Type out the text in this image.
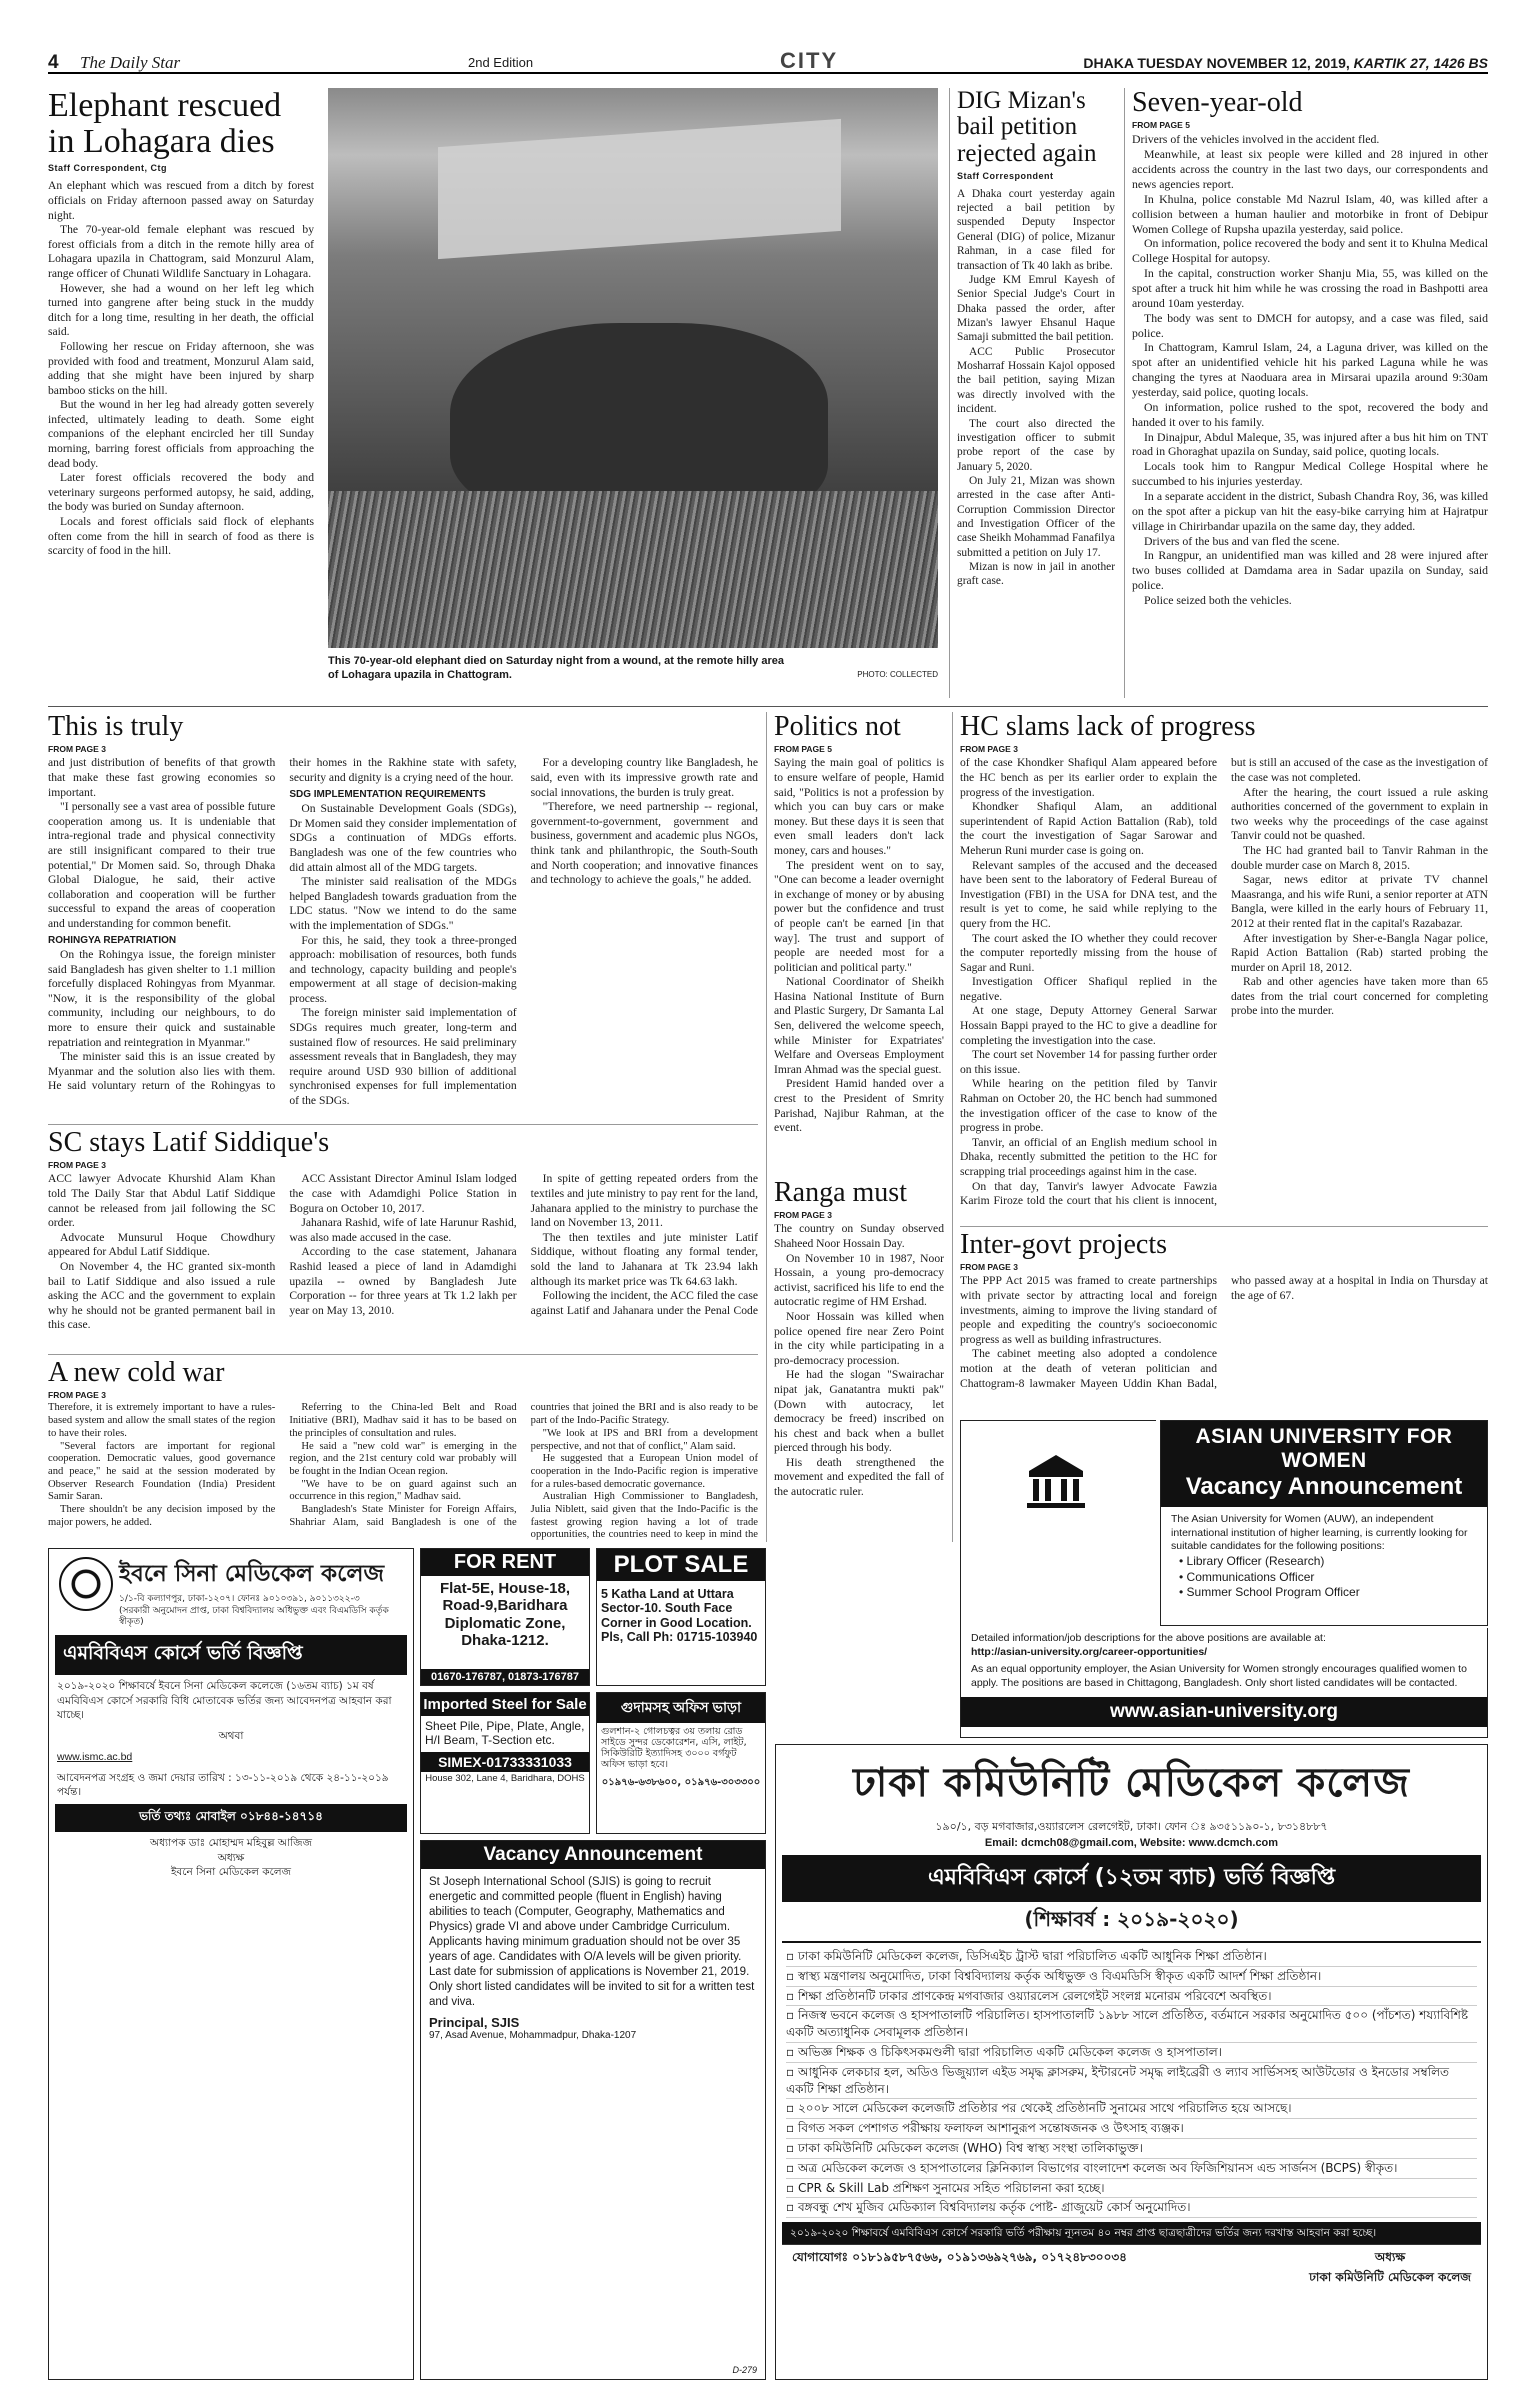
4 The Daily Star	2nd Edition	CITY	DHAKA TUESDAY NOVEMBER 12, 2019, KARTIK 27, 1426 BS
Elephant rescued in Lohagara dies
Staff Correspondent, Ctg

An elephant which was rescued from a ditch by forest officials on Friday afternoon passed away on Saturday night.

The 70-year-old female elephant was rescued by forest officials from a ditch in the remote hilly area of Lohagara upazila in Chattogram, said Monzurul Alam, range officer of Chunati Wildlife Sanctuary in Lohagara.

However, she had a wound on her left leg which turned into gangrene after being stuck in the muddy ditch for a long time, resulting in her death, the official said.

Following her rescue on Friday afternoon, she was provided with food and treatment, Monzurul Alam said, adding that she might have been injured by sharp bamboo sticks on the hill.

But the wound in her leg had already gotten severely infected, ultimately leading to death. Some eight companions of the elephant encircled her till Sunday morning, barring forest officials from approaching the dead body.

Later forest officials recovered the body and veterinary surgeons performed autopsy, he said, adding, the body was buried on Sunday afternoon.

Locals and forest officials said flock of elephants often come from the hill in search of food as there is scarcity of food in the hill.

This 70-year-old elephant died on Saturday night from a wound, at the remote hilly area of Lohagara upazila in Chattogram.	PHOTO: COLLECTED
DIG Mizan's bail petition rejected again
Staff Correspondent

A Dhaka court yesterday again rejected a bail petition by suspended Deputy Inspector General (DIG) of police, Mizanur Rahman, in a case filed for transaction of Tk 40 lakh as bribe.

Judge KM Emrul Kayesh of Senior Special Judge's Court in Dhaka passed the order, after Mizan's lawyer Ehsanul Haque Samaji submitted the bail petition.

ACC Public Prosecutor Mosharraf Hossain Kajol opposed the bail petition, saying Mizan was directly involved with the incident.

The court also directed the investigation officer to submit probe report of the case by January 5, 2020.

On July 21, Mizan was shown arrested in the case after Anti-Corruption Commission Director and Investigation Officer of the case Sheikh Mohammad Fanafilya submitted a petition on July 17.

Mizan is now in jail in another graft case.

Seven-year-old
FROM PAGE 5

Drivers of the vehicles involved in the accident fled.

Meanwhile, at least six people were killed and 28 injured in other accidents across the country in the last two days, our correspondents and news agencies report.

In Khulna, police constable Md Nazrul Islam, 40, was killed after a collision between a human haulier and motorbike in front of Debipur Women College of Rupsha upazila yesterday, said police.

On information, police recovered the body and sent it to Khulna Medical College Hospital for autopsy.

In the capital, construction worker Shanju Mia, 55, was killed on the spot after a truck hit him while he was crossing the road in Bashpotti area around 10am yesterday.

The body was sent to DMCH for autopsy, and a case was filed, said police.

In Chattogram, Kamrul Islam, 24, a Laguna driver, was killed on the spot after an unidentified vehicle hit his parked Laguna while he was changing the tyres at Naoduara area in Mirsarai upazila around 9:30am yesterday, said police, quoting locals.

On information, police rushed to the spot, recovered the body and handed it over to his family.

In Dinajpur, Abdul Maleque, 35, was injured after a bus hit him on TNT road in Ghoraghat upazila on Sunday, said police, quoting locals.

Locals took him to Rangpur Medical College Hospital where he succumbed to his injuries yesterday.

In a separate accident in the district, Subash Chandra Roy, 36, was killed on the spot after a pickup van hit the easy-bike carrying him at Hajratpur village in Chirirbandar upazila on the same day, they added.

Drivers of the bus and van fled the scene.

In Rangpur, an unidentified man was killed and 28 were injured after two buses collided at Damdama area in Sadar upazila on Sunday, said police.

Police seized both the vehicles.

This is truly
FROM PAGE 3

and just distribution of benefits of that growth that make these fast growing economies so important.

"I personally see a vast area of possible future cooperation among us. It is undeniable that intra-regional trade and physical connectivity are still insignificant compared to their true potential," Dr Momen said. So, through Dhaka Global Dialogue, he said, their active collaboration and cooperation will be further successful to expand the areas of cooperation and understanding for common benefit.

ROHINGYA REPATRIATION

On the Rohingya issue, the foreign minister said Bangladesh has given shelter to 1.1 million forcefully displaced Rohingyas from Myanmar. "Now, it is the responsibility of the global community, including our neighbours, to do more to ensure their quick and sustainable repatriation and reintegration in Myanmar."

The minister said this is an issue created by Myanmar and the solution also lies with them. He said voluntary return of the Rohingyas to their homes in the Rakhine state with safety, security and dignity is a crying need of the hour.

SDG IMPLEMENTATION REQUIREMENTS

On Sustainable Development Goals (SDGs), Dr Momen said they consider implementation of SDGs a continuation of MDGs efforts. Bangladesh was one of the few countries who did attain almost all of the MDG targets.

The minister said realisation of the MDGs helped Bangladesh towards graduation from the LDC status. "Now we intend to do the same with the implementation of SDGs."

For this, he said, they took a three-pronged approach: mobilisation of resources, both funds and technology, capacity building and people's empowerment at all stage of decision-making process.

The foreign minister said implementation of SDGs requires much greater, long-term and sustained flow of resources. He said preliminary assessment reveals that in Bangladesh, they may require around USD 930 billion of additional synchronised expenses for full implementation of the SDGs.

For a developing country like Bangladesh, he said, even with its impressive growth rate and social innovations, the burden is truly great.

"Therefore, we need partnership -- regional, government-to-government, government and business, government and academic plus NGOs, think tank and philanthropic, the South-South and North cooperation; and innovative finances and technology to achieve the goals," he added.

Politics not
FROM PAGE 5

Saying the main goal of politics is to ensure welfare of people, Hamid said, "Politics is not a profession by which you can buy cars or make money. But these days it is seen that even small leaders don't lack money, cars and houses."

The president went on to say, "One can become a leader overnight in exchange of money or by abusing power but the confidence and trust of people can't be earned [in that way]. The trust and support of people are needed most for a politician and political party."

National Coordinator of Sheikh Hasina National Institute of Burn and Plastic Surgery, Dr Samanta Lal Sen, delivered the welcome speech, while Minister for Expatriates' Welfare and Overseas Employment Imran Ahmad was the special guest.

President Hamid handed over a crest to the President of Smrity Parishad, Najibur Rahman, at the event.

Ranga must
FROM PAGE 3

The country on Sunday observed Shaheed Noor Hossain Day.

On November 10 in 1987, Noor Hossain, a young pro-democracy activist, sacrificed his life to end the autocratic regime of HM Ershad.

Noor Hossain was killed when police opened fire near Zero Point in the city while participating in a pro-democracy procession.

He had the slogan "Swairachar nipat jak, Ganatantra mukti pak" (Down with autocracy, let democracy be freed) inscribed on his chest and back when a bullet pierced through his body.

His death strengthened the movement and expedited the fall of the autocratic ruler.

HC slams lack of progress
FROM PAGE 3

of the case Khondker Shafiqul Alam appeared before the HC bench as per its earlier order to explain the progress of the investigation.

Khondker Shafiqul Alam, an additional superintendent of Rapid Action Battalion (Rab), told the court the investigation of Sagar Sarowar and Meherun Runi murder case is going on.

Relevant samples of the accused and the deceased have been sent to the laboratory of Federal Bureau of Investigation (FBI) in the USA for DNA test, and the result is yet to come, he said while replying to the query from the HC.

The court asked the IO whether they could recover the computer reportedly missing from the house of Sagar and Runi.

Investigation Officer Shafiqul replied in the negative.

At one stage, Deputy Attorney General Sarwar Hossain Bappi prayed to the HC to give a deadline for completing the investigation into the case.

The court set November 14 for passing further order on this issue.

While hearing on the petition filed by Tanvir Rahman on October 20, the HC bench had summoned the investigation officer of the case to know of the progress in probe.

Tanvir, an official of an English medium school in Dhaka, recently submitted the petition to the HC for scrapping trial proceedings against him in the case.

On that day, Tanvir's lawyer Advocate Fawzia Karim Firoze told the court that his client is innocent, but is still an accused of the case as the investigation of the case was not completed.

After the hearing, the court issued a rule asking authorities concerned of the government to explain in two weeks why the proceedings of the case against Tanvir could not be quashed.

The HC had granted bail to Tanvir Rahman in the double murder case on March 8, 2015.

Sagar, news editor at private TV channel Maasranga, and his wife Runi, a senior reporter at ATN Bangla, were killed in the early hours of February 11, 2012 at their rented flat in the capital's Razabazar.

After investigation by Sher-e-Bangla Nagar police, Rapid Action Battalion (Rab) started probing the murder on April 18, 2012.

Rab and other agencies have taken more than 65 dates from the trial court concerned for completing probe into the murder.

Inter-govt projects
FROM PAGE 3

The PPP Act 2015 was framed to create partnerships with private sector by attracting local and foreign investments, aiming to improve the living standard of people and expediting the country's socioeconomic progress as well as building infrastructures.

The cabinet meeting also adopted a condolence motion at the death of veteran politician and Chattogram-8 lawmaker Mayeen Uddin Khan Badal, who passed away at a hospital in India on Thursday at the age of 67.

SC stays Latif Siddique's
FROM PAGE 3

ACC lawyer Advocate Khurshid Alam Khan told The Daily Star that Abdul Latif Siddique cannot be released from jail following the SC order.

Advocate Munsurul Hoque Chowdhury appeared for Abdul Latif Siddique.

On November 4, the HC granted six-month bail to Latif Siddique and also issued a rule asking the ACC and the government to explain why he should not be granted permanent bail in this case.

ACC Assistant Director Aminul Islam lodged the case with Adamdighi Police Station in Bogura on October 10, 2017.

Jahanara Rashid, wife of late Harunur Rashid, was also made accused in the case.

According to the case statement, Jahanara Rashid leased a piece of land in Adamdighi upazila -- owned by Bangladesh Jute Corporation -- for three years at Tk 1.2 lakh per year on May 13, 2010.

In spite of getting repeated orders from the textiles and jute ministry to pay rent for the land, Jahanara applied to the ministry to purchase the land on November 13, 2011.

The then textiles and jute minister Latif Siddique, without floating any formal tender, sold the land to Jahanara at Tk 23.94 lakh although its market price was Tk 64.63 lakh.

Following the incident, the ACC filed the case against Latif and Jahanara under the Penal Code

A new cold war
FROM PAGE 3

Therefore, it is extremely important to have a rules-based system and allow the small states of the region to have their roles.

"Several factors are important for regional cooperation. Democratic values, good governance and peace," he said at the session moderated by Observer Research Foundation (India) President Samir Saran.

There shouldn't be any decision imposed by the major powers, he added.

Referring to the China-led Belt and Road Initiative (BRI), Madhav said it has to be based on the principles of consultation and rules.

He said a "new cold war" is emerging in the region, and the 21st century cold war probably will be fought in the Indian Ocean region.

"We have to be on guard against such an occurrence in this region," Madhav said.

Bangladesh's State Minister for Foreign Affairs, Shahriar Alam, said Bangladesh is one of the countries that joined the BRI and is also ready to be part of the Indo-Pacific Strategy.

"We look at IPS and BRI from a development perspective, and not that of conflict," Alam said.

He suggested that a European Union model of cooperation in the Indo-Pacific region is imperative for a rules-based democratic governance.

Australian High Commissioner to Bangladesh, Julia Niblett, said given that the Indo-Pacific is the fastest growing region having a lot of trade opportunities, the countries need to keep in mind the

ASIAN UNIVERSITY FOR WOMEN
Vacancy Announcement
The Asian University for Women (AUW), an independent international institution of higher learning, is currently looking for suitable candidates for the following positions:
• Library Officer (Research)
• Communications Officer
• Summer School Program Officer
Detailed information/job descriptions for the above positions are available at:
http://asian-university.org/career-opportunities/
As an equal opportunity employer, the Asian University for Women strongly encourages qualified women to apply. The positions are based in Chittagong, Bangladesh. Only short listed candidates will be contacted.
www.asian-university.org
ঢাকা কমিউনিটি মেডিকেল কলেজ
১৯০/১, বড় মগবাজার,ওয়্যারলেস রেলগেইট, ঢাকা। ফোন ঃ ৯৩৫১১৯০-১, ৮৩১৪৮৮৭
Email: dcmch08@gmail.com, Website: www.dcmch.com
এমবিবিএস কোর্সে (১২তম ব্যাচ) ভর্তি বিজ্ঞপ্তি
(শিক্ষাবর্ষ : ২০১৯-২০২০)
▫ ঢাকা কমিউনিটি মেডিকেল কলেজ, ডিসিএইচ ট্রাস্ট দ্বারা পরিচালিত একটি আধুনিক শিক্ষা প্রতিষ্ঠান।
▫ স্বাস্থ্য মন্ত্রণালয় অনুমোদিত, ঢাকা বিশ্ববিদ্যালয় কর্তৃক অধিভুক্ত ও বিএমডিসি স্বীকৃত একটি আদর্শ শিক্ষা প্রতিষ্ঠান।
▫ শিক্ষা প্রতিষ্ঠানটি ঢাকার প্রাণকেন্দ্র মগবাজার ওয়্যারলেস রেলগেইট সংলগ্ন মনোরম পরিবেশে অবস্থিত।
▫ নিজস্ব ভবনে কলেজ ও হাসপাতালটি পরিচালিত। হাসপাতালটি ১৯৮৮ সালে প্রতিষ্ঠিত, বর্তমানে সরকার অনুমোদিত ৫০০ (পাঁচশত) শয্যাবিশিষ্ট একটি অত্যাধুনিক সেবামূলক প্রতিষ্ঠান।
▫ অভিজ্ঞ শিক্ষক ও চিকিৎসকমণ্ডলী দ্বারা পরিচালিত একটি মেডিকেল কলেজ ও হাসপাতাল।
▫ আধুনিক লেকচার হল, অডিও ভিজুয়্যাল এইড সমৃদ্ধ ক্লাসরুম, ইন্টারনেট সমৃদ্ধ লাইব্রেরী ও ল্যাব সার্ভিসসহ আউটডোর ও ইনডোর সম্বলিত একটি শিক্ষা প্রতিষ্ঠান।
▫ ২০০৮ সালে মেডিকেল কলেজটি প্রতিষ্ঠার পর থেকেই প্রতিষ্ঠানটি সুনামের সাথে পরিচালিত হয়ে আসছে।
▫ বিগত সকল পেশাগত পরীক্ষায় ফলাফল আশানুরূপ সন্তোষজনক ও উৎসাহ ব্যঞ্জক।
▫ ঢাকা কমিউনিটি মেডিকেল কলেজ (WHO) বিশ্ব স্বাস্থ্য সংস্থা তালিকাভুক্ত।
▫ অত্র মেডিকেল কলেজ ও হাসপাতালের ক্লিনিক্যাল বিভাগের বাংলাদেশ কলেজ অব ফিজিশিয়ানস এন্ড সার্জনস (BCPS) স্বীকৃত।
▫ CPR & Skill Lab প্রশিক্ষণ সুনামের সহিত পরিচালনা করা হচ্ছে।
▫ বঙ্গবন্ধু শেখ মুজিব মেডিক্যাল বিশ্ববিদ্যালয় কর্তৃক পোষ্ট- গ্রাজুয়েট কোর্স অনুমোদিত।
২০১৯-২০২০ শিক্ষাবর্ষে এমবিবিএস কোর্সে সরকারি ভর্তি পরীক্ষায় ন্যূনতম ৪০ নম্বর প্রাপ্ত ছাত্রছাত্রীদের ভর্তির জন্য দরখাস্ত আহবান করা হচ্ছে।
যোগাযোগঃ ০১৮১৯৫৮৭৫৬৬, ০১৯১৩৬৯২৭৬৯, ০১৭২৪৮৩০০৩৪	অধ্যক্ষ
ঢাকা কমিউনিটি মেডিকেল কলেজ
ইবনে সিনা মেডিকেল কলেজ
১/১-বি কল্যাণপুর, ঢাকা-১২০৭। ফোনঃ ৯০১০৩৯১, ৯০১১৩২২-৩
(সরকারী অনুমোদন প্রাপ্ত, ঢাকা বিশ্ববিদ্যালয় অধিভুক্ত এবং বিএমডিসি কর্তৃক স্বীকৃত)
এমবিবিএস কোর্সে ভর্তি বিজ্ঞপ্তি
২০১৯-২০২০ শিক্ষাবর্ষে ইবনে সিনা মেডিকেল কলেজে (১৬তম ব্যাচ) ১ম বর্ষ এমবিবিএস কোর্সে সরকারি বিধি মোতাবেক ভর্তির জন্য আবেদনপত্র আহবান করা যাচ্ছে।
অথবা
www.ismc.ac.bd
আবেদনপত্র সংগ্রহ ও জমা দেয়ার তারিখ : ১৩-১১-২০১৯ থেকে ২৪-১১-২০১৯ পর্যন্ত।
ভর্তি তথ্যঃ মোবাইল ০১৮৪৪-১৪৭১৪
অধ্যাপক ডাঃ মোহাম্মদ মহিবুল্ল আজিজ
অধ্যক্ষ
ইবনে সিনা মেডিকেল কলেজ
FOR RENT
Flat-5E, House-18, Road-9,Baridhara Diplomatic Zone, Dhaka-1212.
01670-176787, 01873-176787
PLOT SALE
5 Katha Land at Uttara Sector-10. South Face Corner in Good Location. Pls, Call Ph: 01715-103940
Imported Steel for Sale
Sheet Pile, Pipe, Plate, Angle, H/I Beam, T-Section etc.
SIMEX-01733331033
House 302, Lane 4, Baridhara, DOHS
গুদামসহ অফিস ভাড়া
গুলশান-২ গোলচত্বর ৩য় তলায় রোড সাইডে সুন্দর ডেকোরেশন, এসি, লাইট, সিকিউরিটি ইত্যাদিসহ ৩০০০ বর্গফুট অফিস ভাড়া হবে।
০১৯৭৬-৬৩৮৬০০, ০১৯৭৬-৩০৩৩০০
Vacancy Announcement
St Joseph International School (SJIS) is going to recruit energetic and committed people (fluent in English) having abilities to teach (Computer, Geography, Mathematics and Physics) grade VI and above under Cambridge Curriculum. Applicants having minimum graduation should not be over 35 years of age. Candidates with O/A levels will be given priority. Last date for submission of applications is November 21, 2019. Only short listed candidates will be invited to sit for a written test and viva.
Principal, SJIS
97, Asad Avenue, Mohammadpur, Dhaka-1207
D-279
